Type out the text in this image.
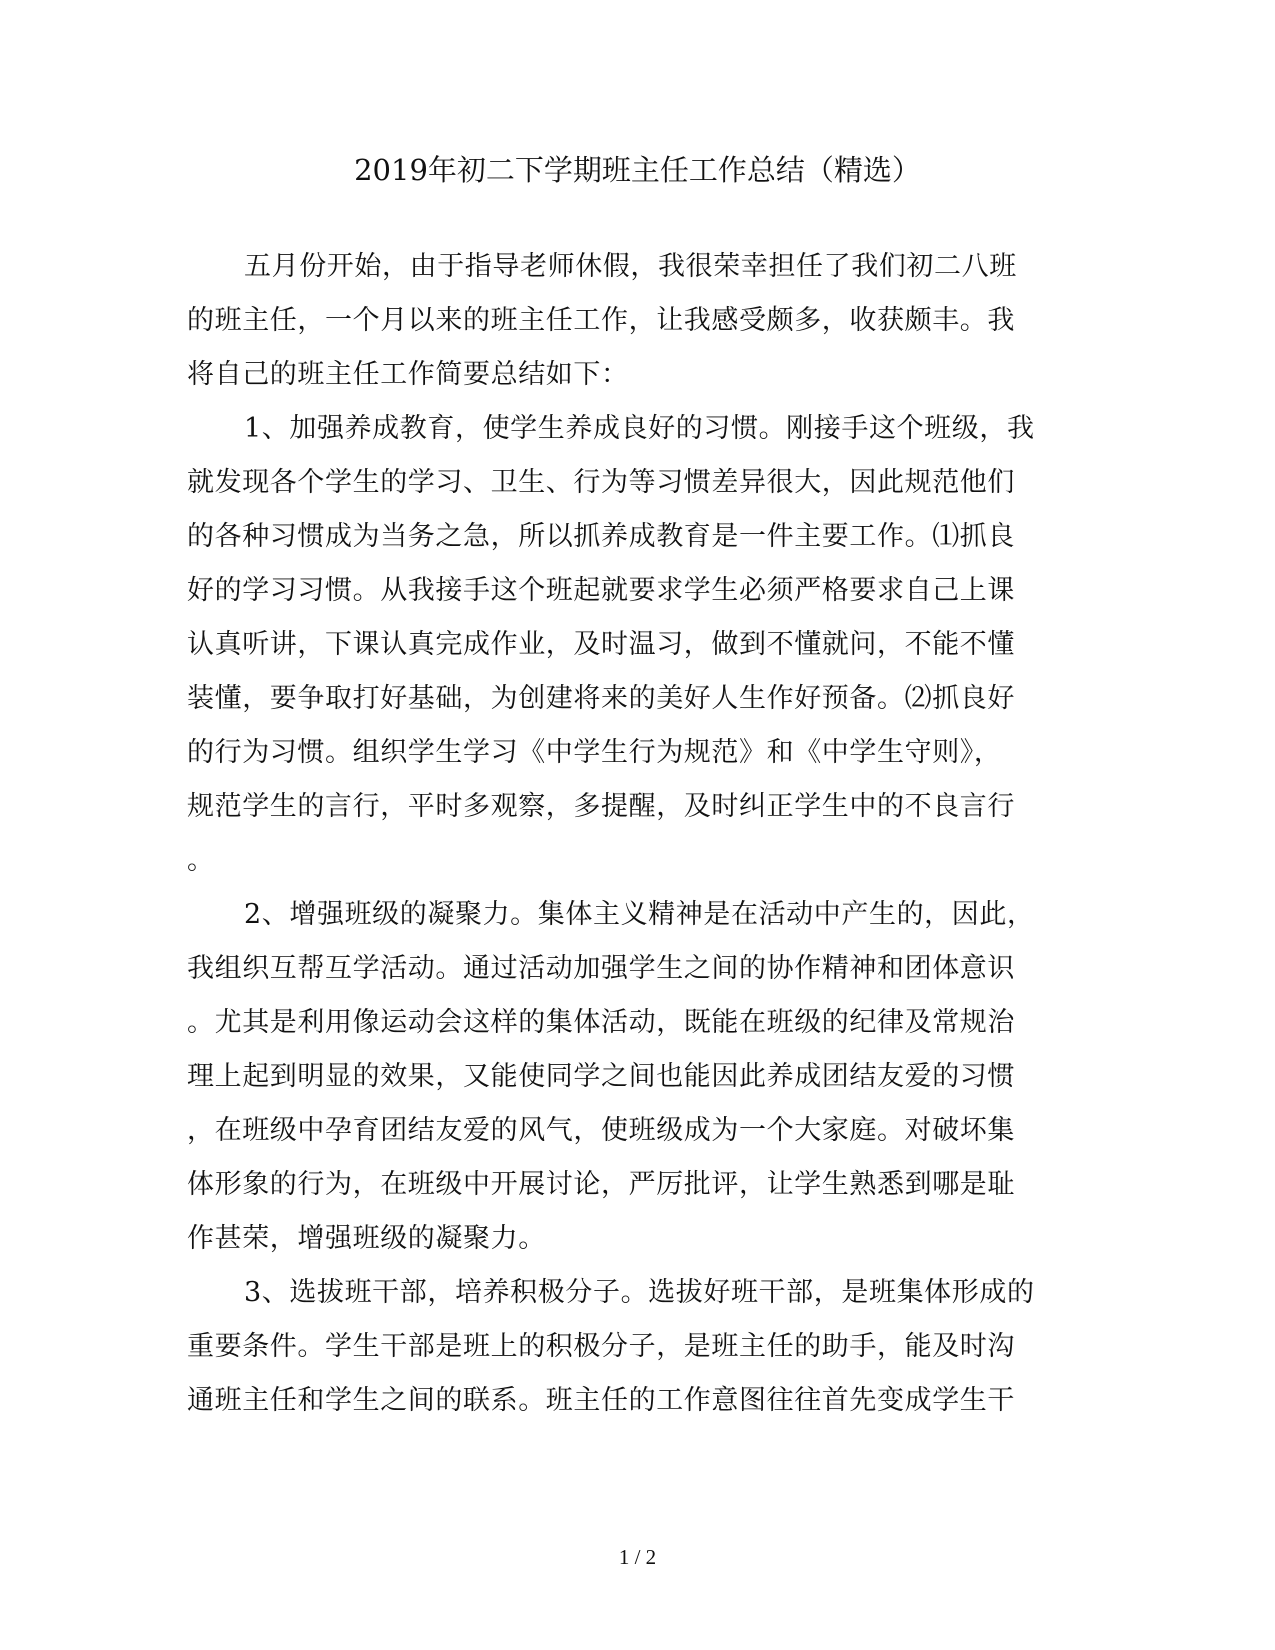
2019年初二下学期班主任工作总结（精选）
五月份开始，由于指导老师休假，我很荣幸担任了我们初二八班
的班主任，一个月以来的班主任工作，让我感受颇多，收获颇丰。我
将自己的班主任工作简要总结如下：
1、加强养成教育，使学生养成良好的习惯。刚接手这个班级，我
就发现各个学生的学习、卫生、行为等习惯差异很大，因此规范他们
的各种习惯成为当务之急，所以抓养成教育是一件主要工作。⑴抓良
好的学习习惯。从我接手这个班起就要求学生必须严格要求自己上课
认真听讲，下课认真完成作业，及时温习，做到不懂就问，不能不懂
装懂，要争取打好基础，为创建将来的美好人生作好预备。⑵抓良好
的行为习惯。组织学生学习《中学生行为规范》和《中学生守则》，
规范学生的言行，平时多观察，多提醒，及时纠正学生中的不良言行
。
2、增强班级的凝聚力。集体主义精神是在活动中产生的，因此，
我组织互帮互学活动。通过活动加强学生之间的协作精神和团体意识
。尤其是利用像运动会这样的集体活动，既能在班级的纪律及常规治
理上起到明显的效果，又能使同学之间也能因此养成团结友爱的习惯
，在班级中孕育团结友爱的风气，使班级成为一个大家庭。对破坏集
体形象的行为，在班级中开展讨论，严厉批评，让学生熟悉到哪是耻
作甚荣，增强班级的凝聚力。
3、选拔班干部，培养积极分子。选拔好班干部，是班集体形成的
重要条件。学生干部是班上的积极分子，是班主任的助手，能及时沟
通班主任和学生之间的联系。班主任的工作意图往往首先变成学生干
1 / 2
